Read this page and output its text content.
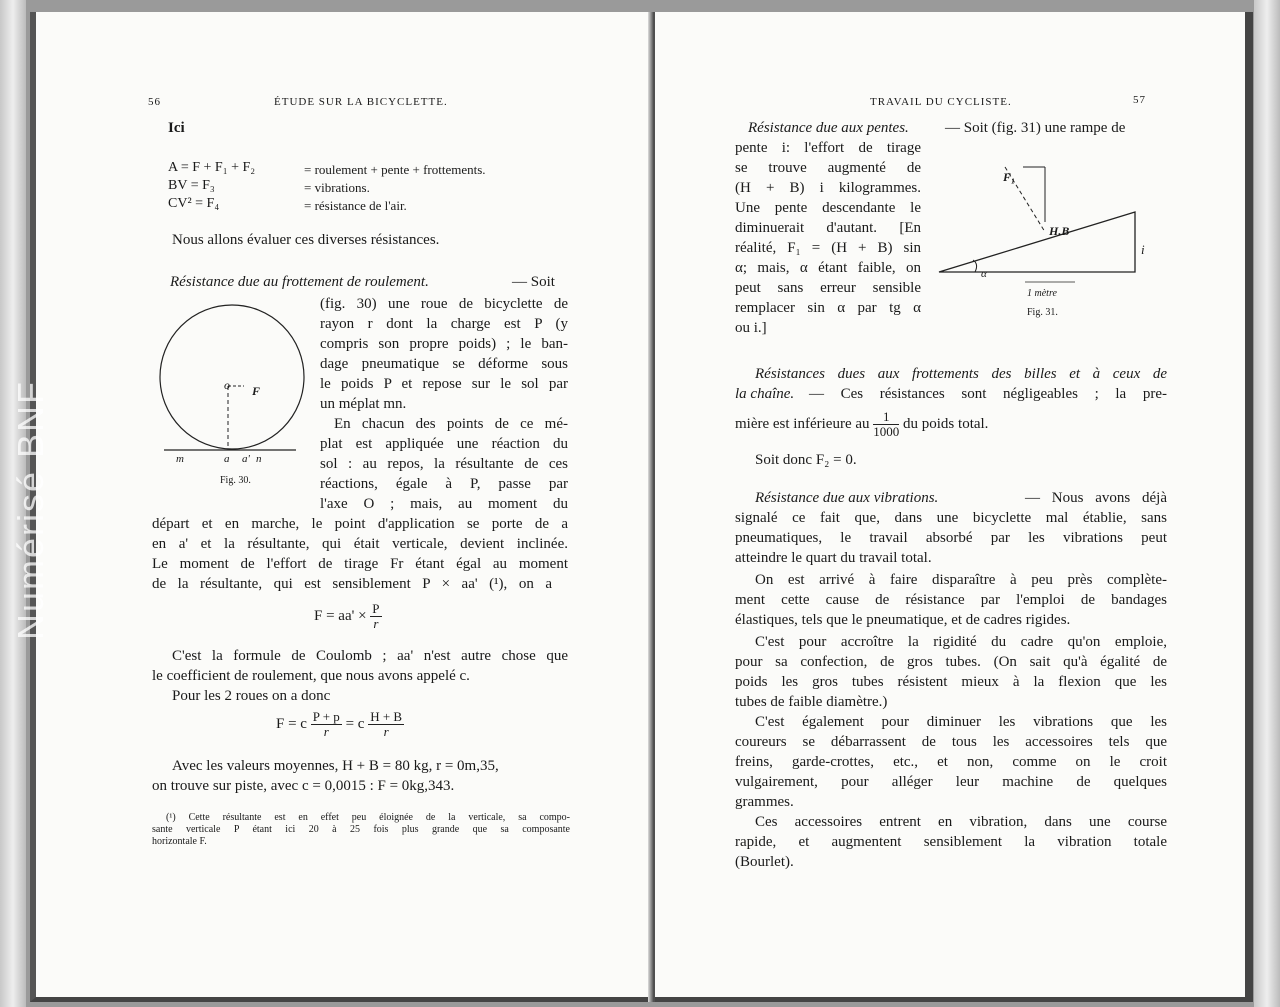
56	ÉTUDE SUR LA BICYCLETTE.
Ici
A = F + F₁ + F₂	= roulement + pente + frottements.
BV = F₃	= vibrations.
CV² = F₄	= résistance de l'air.
Nous allons évaluer ces diverses résistances.
Résistance due au frottement de roulement.	— Soit
(fig. 30) une roue de bicyclette de
rayon r dont la charge est P (y
compris son propre poids) ; le ban-
dage pneumatique se déforme sous
le poids P et repose sur le sol par
un méplat mn.
En chacun des points de ce mé-
plat est appliquée une réaction du
sol : au repos, la résultante de ces
réactions, égale à P, passe par
l'axe O ; mais, au moment du
o F
m	a a' n
Fig. 30.
départ et en marche, le point d'application se porte de a
en a' et la résultante, qui était verticale, devient inclinée.
Le moment de l'effort de tirage Fr étant égal au moment
de la résultante, qui est sensiblement P × aa' (¹), on a
$F = aa' \times \frac{P}{r}$
C'est la formule de Coulomb ; aa' n'est autre chose que
le coefficient de roulement, que nous avons appelé c.
Pour les 2 roues on a donc
F = c $\frac{P + p}{r} = c \frac{H + B}{r}$
Avec les valeurs moyennes, H + B = 80 kg, r = 0m,35,
on trouve sur piste, avec c = 0,0015 : F = 0kg,343.
(¹) Cette résultante est en effet peu éloignée de la verticale, sa compo-
sante verticale P étant ici 20 à 25 fois plus grande que sa composante
horizontale F.
TRAVAIL DU CYCLISTE.	57
Résistance due aux pentes. — Soit (fig. 31) une rampe de
pente i: l'effort de tirage
se trouve augmenté de
(H + B) i kilogrammes.
Une pente descendante le
diminuerait d'autant. [En
réalité, F₁ = (H + B) sin
α; mais, α étant faible, on
peut sans erreur sensible
remplacer sin α par tg α
ou i.]
F₁
H.B
i
α
1 mètre
Fig. 31.
Résistances dues aux frottements des billes et à ceux de
la chaîne. — Ces résistances sont négligeables ; la pre-
mière est inférieure au $\frac{1}{1000}$ du poids total.
Soit donc F₂ = 0.
Résistance due aux vibrations.	— Nous avons déjà
signalé ce fait que, dans une bicyclette mal établie, sans
pneumatiques, le travail absorbé par les vibrations peut
atteindre le quart du travail total.
On est arrivé à faire disparaître à peu près complète-
ment cette cause de résistance par l'emploi de bandages
élastiques, tels que le pneumatique, et de cadres rigides.
C'est pour accroître la rigidité du cadre qu'on emploie,
pour sa confection, de gros tubes. (On sait qu'à égalité de
poids les gros tubes résistent mieux à la flexion que les
tubes de faible diamètre.)
C'est également pour diminuer les vibrations que les
coureurs se débarrassent de tous les accessoires tels que
freins, garde-crottes, etc., et non, comme on le croit
vulgairement, pour alléger leur machine de quelques
grammes.
Ces accessoires entrent en vibration, dans une course
rapide, et augmentent sensiblement la vibration totale
(Bourlet).
Numérisé BNF
